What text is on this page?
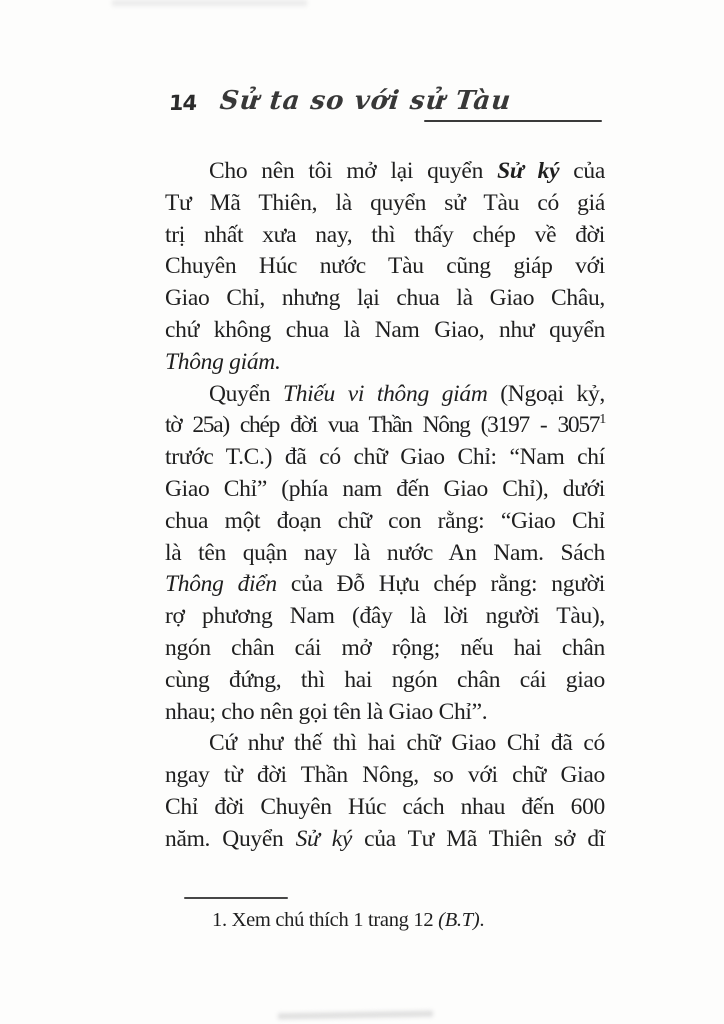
14 Sử ta so với sử Tàu
Cho nên tôi mở lại quyển Sử ký của
Tư Mã Thiên, là quyển sử Tàu có giá
trị nhất xưa nay, thì thấy chép về đời
Chuyên Húc nước Tàu cũng giáp với
Giao Chỉ, nhưng lại chua là Giao Châu,
chứ không chua là Nam Giao, như quyển
Thông giám.
Quyển Thiếu vi thông giám (Ngoại kỷ,
tờ 25a) chép đời vua Thần Nông (3197 - 3057$^1$
trước T.C.) đã có chữ Giao Chỉ: “Nam chí
Giao Chỉ” (phía nam đến Giao Chỉ), dưới
chua một đoạn chữ con rằng: “Giao Chỉ
là tên quận nay là nước An Nam. Sách
Thông điển của Đỗ Hựu chép rằng: người
rợ phương Nam (đây là lời người Tàu),
ngón chân cái mở rộng; nếu hai chân
cùng đứng, thì hai ngón chân cái giao
nhau; cho nên gọi tên là Giao Chỉ”.
Cứ như thế thì hai chữ Giao Chỉ đã có
ngay từ đời Thần Nông, so với chữ Giao
Chỉ đời Chuyên Húc cách nhau đến 600
năm. Quyển Sử ký của Tư Mã Thiên sở dĩ
1. Xem chú thích 1 trang 12 (B.T).
